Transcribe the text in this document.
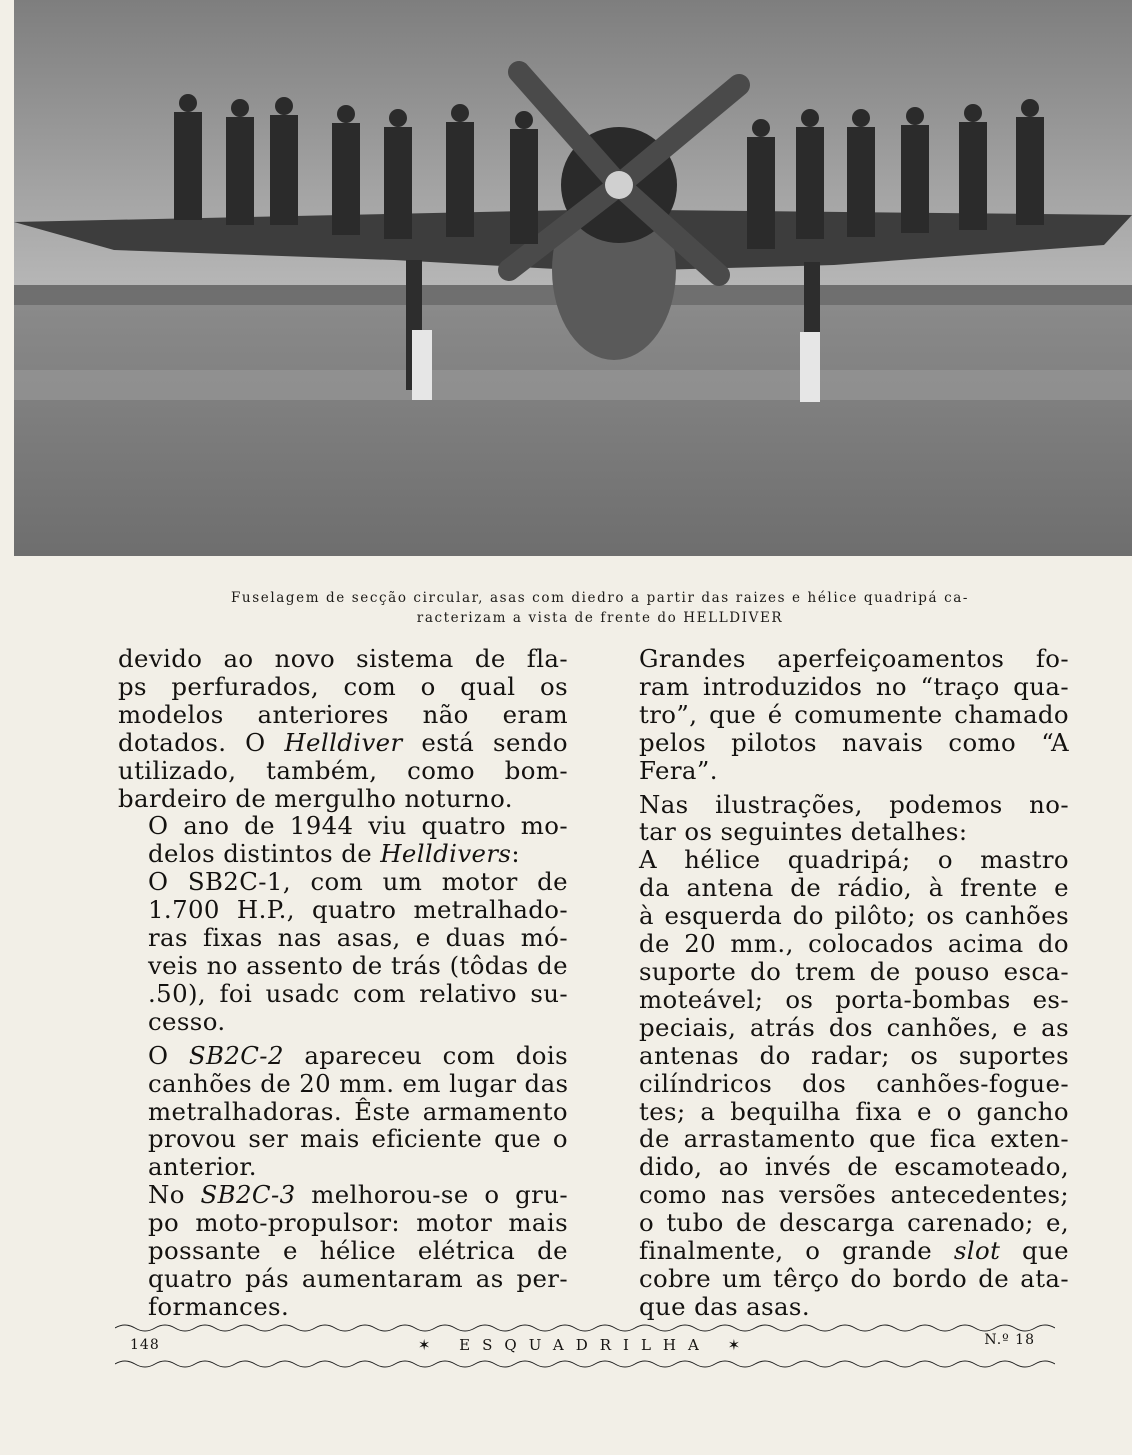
Fuselagem de secção circular, asas com diedro a partir das raizes e hélice quadripá ca-
racterizam a vista de frente do HELLDIVER

devido ao novo sistema de fla-
ps perfurados, com o qual os
modelos anteriores não eram
dotados. O Helldiver está sendo
utilizado, também, como bom-
bardeiro de mergulho noturno.

O ano de 1944 viu quatro mo-
delos distintos de Helldivers:

O SB2C-1, com um motor de
1.700 H.P., quatro metralhado-
ras fixas nas asas, e duas mó-
veis no assento de trás (tôdas de
.50), foi usadc com relativo su-
cesso.

O SB2C-2 apareceu com dois
canhões de 20 mm. em lugar das
metralhadoras. Êste armamento
provou ser mais eficiente que o
anterior.

No SB2C-3 melhorou-se o gru-
po moto-propulsor: motor mais
possante e hélice elétrica de
quatro pás aumentaram as per-
formances.

Grandes aperfeiçoamentos fo-
ram introduzidos no “traço qua-
tro”, que é comumente chamado
pelos pilotos navais como “A
Fera”.

Nas ilustrações, podemos no-
tar os seguintes detalhes:

A hélice quadripá; o mastro
da antena de rádio, à frente e
à esquerda do pilôto; os canhões
de 20 mm., colocados acima do
suporte do trem de pouso esca-
moteável; os porta-bombas es-
peciais, atrás dos canhões, e as
antenas do radar; os suportes
cilíndricos dos canhões-fogue-
tes; a bequilha fixa e o gancho
de arrastamento que fica exten-
dido, ao invés de escamoteado,
como nas versões antecedentes;
o tubo de descarga carenado; e,
finalmente, o grande slot que
cobre um têrço do bordo de ata-
que das asas.

148	✶ ESQUADRILHA ✶	N.º 18
